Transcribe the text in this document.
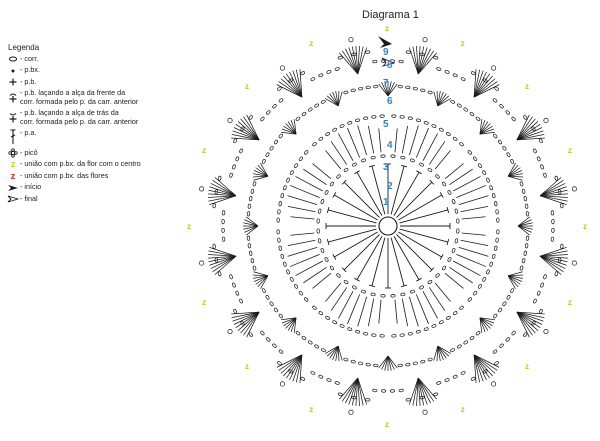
Diagrama 1
Legenda
- corr.
- p.bx.
- p.b.
- p.b. laçando a alça da frente da
corr. formada pelo p. da carr. anterior
- p.b. laçando a alça de trás da
corr. formada pelo p. da carr. anterior
- p.a.
- picô
z - união com p.bx. da flor com o centro
z - união com p.bx. das flores
- início
- final	1
2
3
4
5
6
7
8
9
z
z
z
z
z
z
z
z
z
z
z
z
z
z
z
z
